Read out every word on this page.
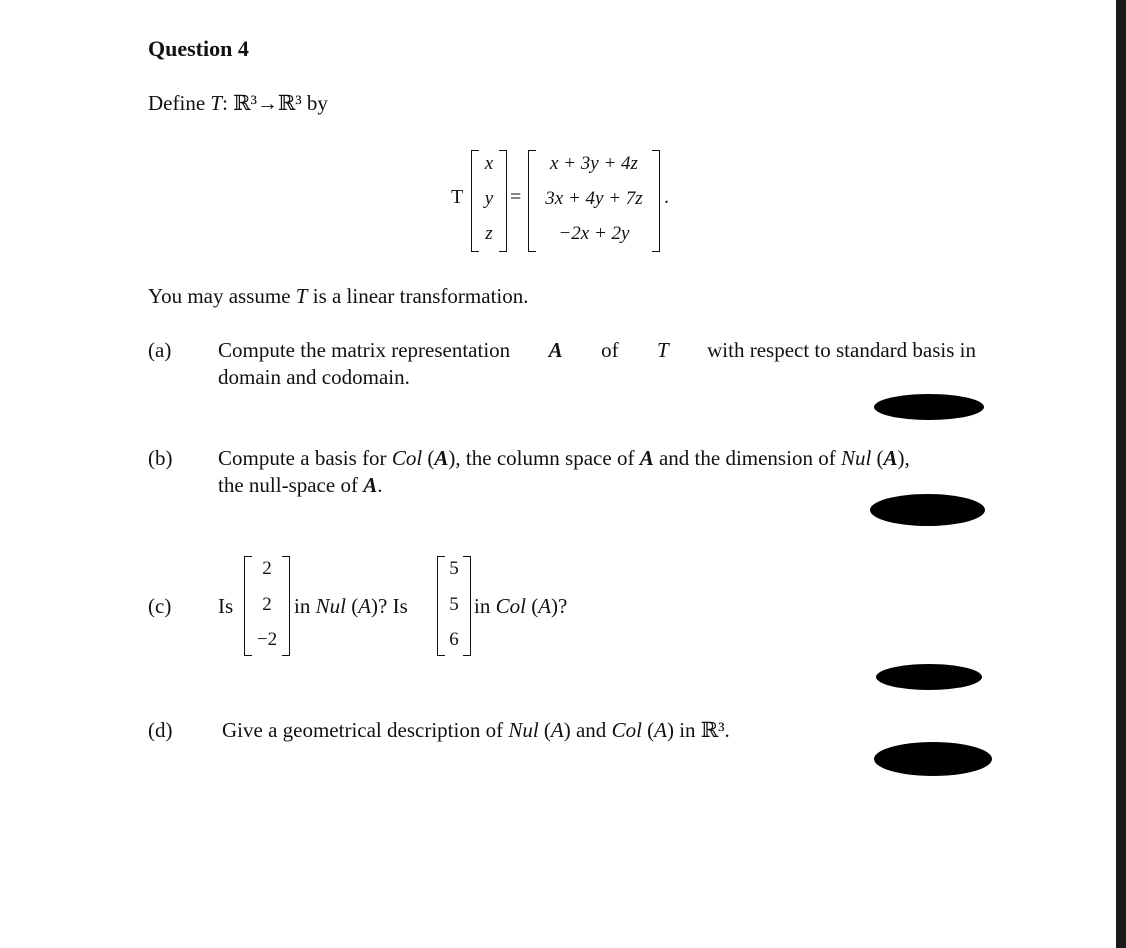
Question 4
Define T: ℝ³→ℝ³ by
T
x
y
z
=
x + 3y + 4z
3x + 4y + 7z
−2x + 2y
.
You may assume T is a linear transformation.
(a) Compute the matrix representation A of T with respect to standard basis in
domain and codomain.
(b) Compute a basis for Col (A), the column space of A and the dimension of Nul (A),
the null-space of A.
(c) Is
2
2
−2
in Nul (A)? Is
5
5
6
in Col (A)?
(d) Give a geometrical description of Nul (A) and Col (A) in ℝ³.
